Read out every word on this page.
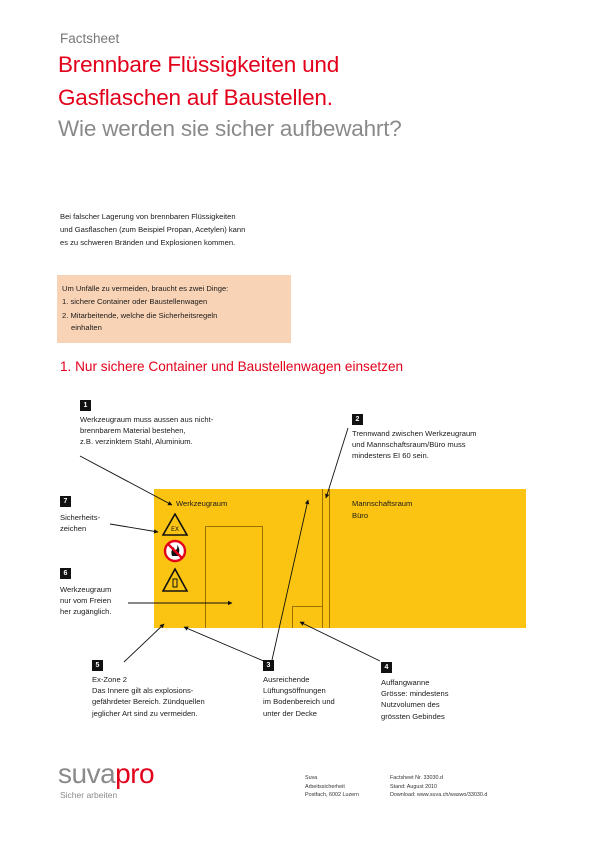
Factsheet
Brennbare Flüssigkeiten und
Gasflaschen auf Baustellen.
Wie werden sie sicher aufbewahrt?
Bei falscher Lagerung von brennbaren Flüssigkeiten
und Gasflaschen (zum Beispiel Propan, Acetylen) kann
es zu schweren Bränden und Explosionen kommen.
Um Unfälle zu vermeiden, braucht es zwei Dinge:
1. sichere Container oder Baustellenwagen
2. Mitarbeitende, welche die Sicherheitsregeln
einhalten
1. Nur sichere Container und Baustellenwagen einsetzen
Werkzeugraum	Mannschaftsraum
Büro
EX
1
Werkzeugraum muss aussen aus nicht-
brennbarem Material bestehen,
z.B. verzinktem Stahl, Aluminium.
2
Trennwand zwischen Werkzeugraum
und Mannschaftsraum/Büro muss
mindestens EI 60 sein.
7
Sicherheits-
zeichen
6
Werkzeugraum
nur vom Freien
her zugänglich.
5
Ex-Zone 2
Das Innere gilt als explosions-
gefährdeter Bereich. Zündquellen
jeglicher Art sind zu vermeiden.
3
Ausreichende
Lüftungsöffnungen
im Bodenbereich und
unter der Decke
4
Auffangwanne
Grösse: mindestens
Nutzvolumen des
grössten Gebindes
suvapro
Sicher arbeiten
Suva
Arbeitssicherheit
Postfach, 6002 Luzern
Factsheet Nr. 33030.d
Stand: August 2010
Download: www.suva.ch/waswo/33030.d
